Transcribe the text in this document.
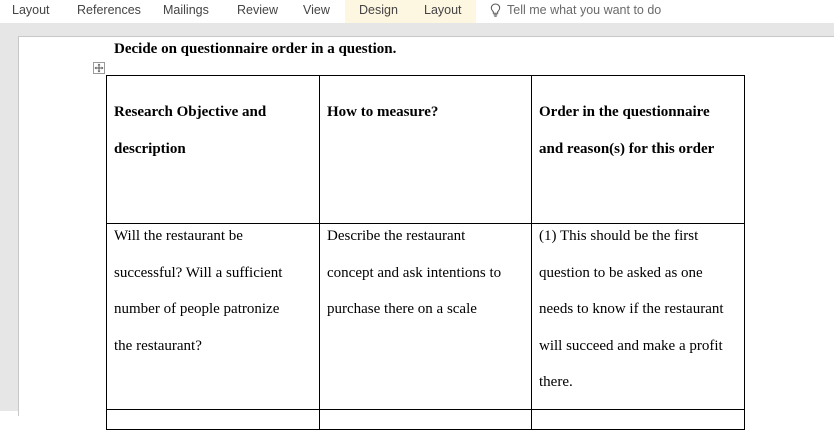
Layout References Mailings Review View	Design	Layout	Tell me what you want to do
Decide on questionnaire order in a question.
Research Objective and
description	How to measure?	Order in the questionnaire
and reason(s) for this order

Will the restaurant be
successful? Will a sufficient
number of people patronize
the restaurant?	Describe the restaurant
concept and ask intentions to
purchase there on a scale	(1) This should be the first
question to be asked as one
needs to know if the restaurant
will succeed and make a profit
there.
